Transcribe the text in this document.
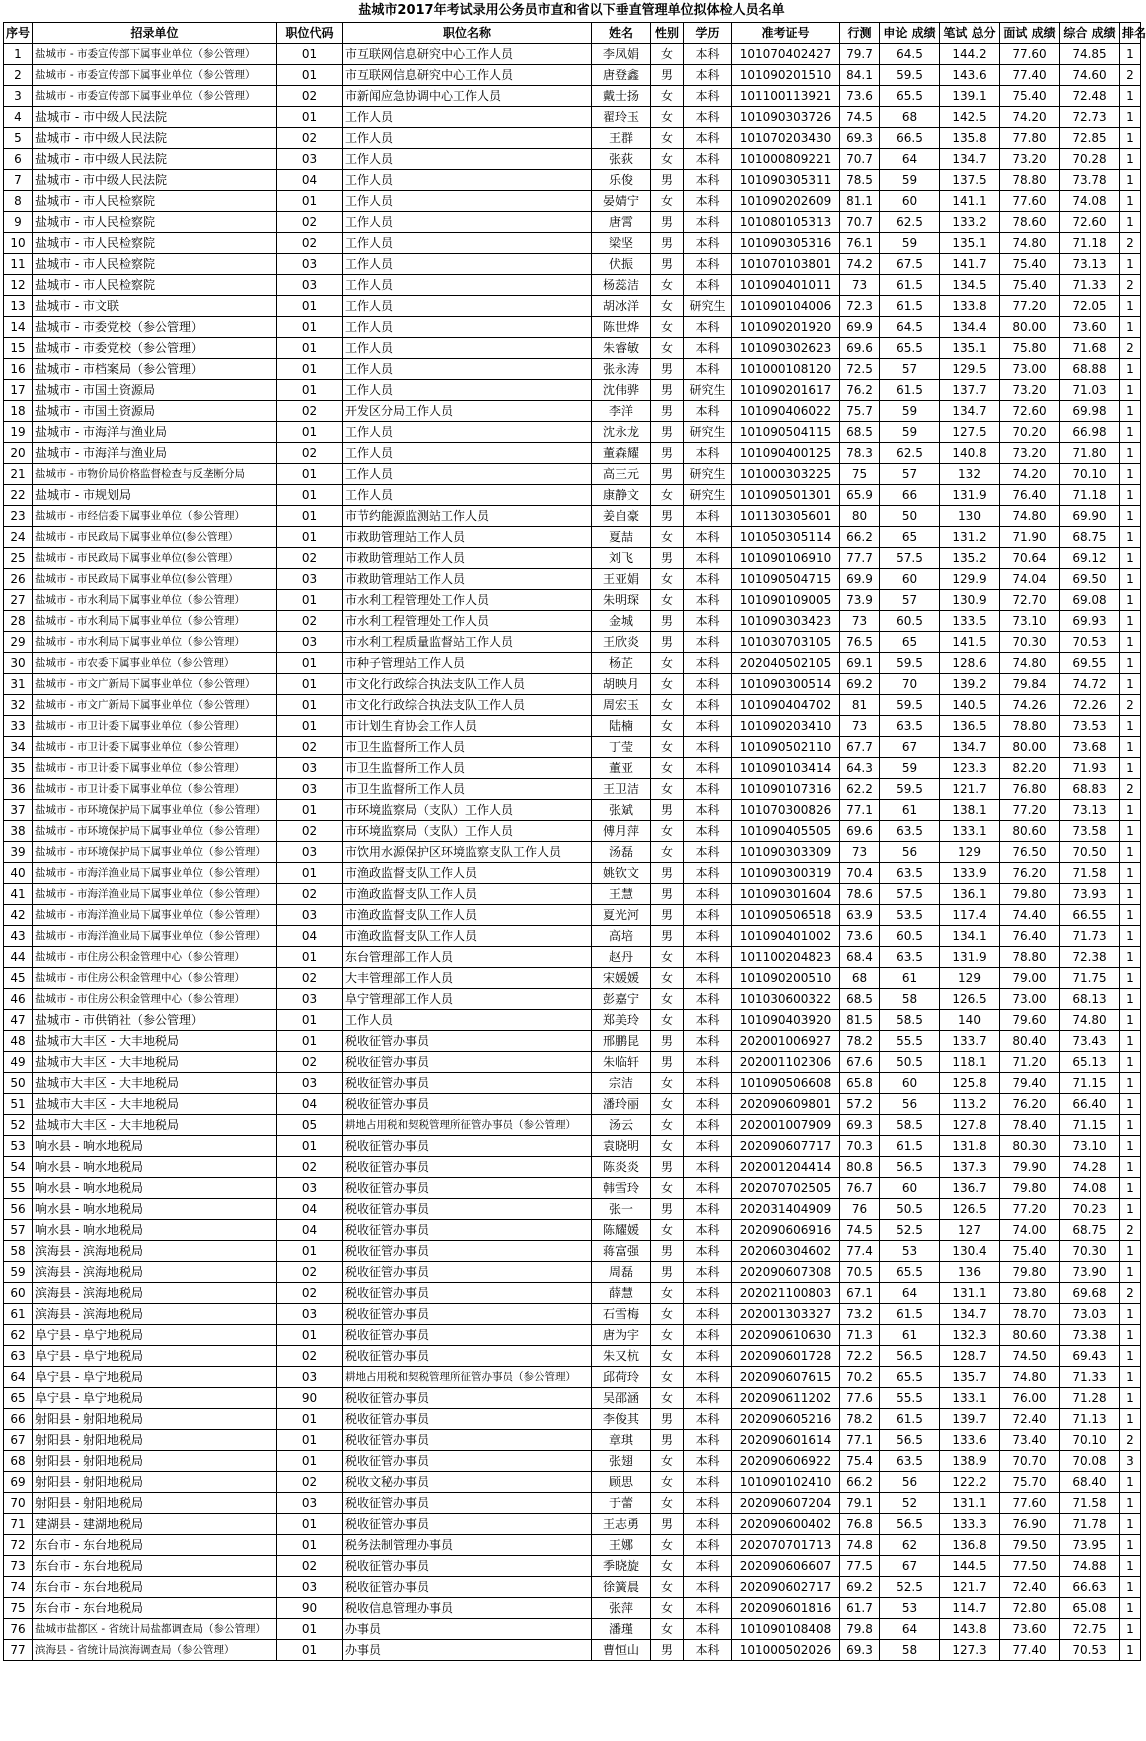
盐城市2017年考试录用公务员市直和省以下垂直管理单位拟体检人员名单
序号	招录单位	职位代码	职位名称	姓名	性别	学历	准考证号	行测	申论 成绩	笔试 总分	面试 成绩	综合 成绩	排名
1	盐城市 - 市委宣传部下属事业单位（参公管理）	01	市互联网信息研究中心工作人员	李凤娟	女	本科	101070402427	79.7	64.5	144.2	77.60	74.85	1
2	盐城市 - 市委宣传部下属事业单位（参公管理）	01	市互联网信息研究中心工作人员	唐登鑫	男	本科	101090201510	84.1	59.5	143.6	77.40	74.60	2
3	盐城市 - 市委宣传部下属事业单位（参公管理）	02	市新闻应急协调中心工作人员	戴士扬	女	本科	101100113921	73.6	65.5	139.1	75.40	72.48	1
4	盐城市 - 市中级人民法院	01	工作人员	翟玲玉	女	本科	101090303726	74.5	68	142.5	74.20	72.73	1
5	盐城市 - 市中级人民法院	02	工作人员	王群	女	本科	101070203430	69.3	66.5	135.8	77.80	72.85	1
6	盐城市 - 市中级人民法院	03	工作人员	张荻	女	本科	101000809221	70.7	64	134.7	73.20	70.28	1
7	盐城市 - 市中级人民法院	04	工作人员	乐俊	男	本科	101090305311	78.5	59	137.5	78.80	73.78	1
8	盐城市 - 市人民检察院	01	工作人员	晏婧宁	女	本科	101090202609	81.1	60	141.1	77.60	74.08	1
9	盐城市 - 市人民检察院	02	工作人员	唐霄	男	本科	101080105313	70.7	62.5	133.2	78.60	72.60	1
10	盐城市 - 市人民检察院	02	工作人员	梁坚	男	本科	101090305316	76.1	59	135.1	74.80	71.18	2
11	盐城市 - 市人民检察院	03	工作人员	伏振	男	本科	101070103801	74.2	67.5	141.7	75.40	73.13	1
12	盐城市 - 市人民检察院	03	工作人员	杨蕊洁	女	本科	101090401011	73	61.5	134.5	75.40	71.33	2
13	盐城市 - 市文联	01	工作人员	胡冰洋	女	研究生	101090104006	72.3	61.5	133.8	77.20	72.05	1
14	盐城市 - 市委党校（参公管理）	01	工作人员	陈世烨	女	本科	101090201920	69.9	64.5	134.4	80.00	73.60	1
15	盐城市 - 市委党校（参公管理）	01	工作人员	朱睿敏	女	本科	101090302623	69.6	65.5	135.1	75.80	71.68	2
16	盐城市 - 市档案局（参公管理）	01	工作人员	张永涛	男	本科	101000108120	72.5	57	129.5	73.00	68.88	1
17	盐城市 - 市国土资源局	01	工作人员	沈伟骅	男	研究生	101090201617	76.2	61.5	137.7	73.20	71.03	1
18	盐城市 - 市国土资源局	02	开发区分局工作人员	李洋	男	本科	101090406022	75.7	59	134.7	72.60	69.98	1
19	盐城市 - 市海洋与渔业局	01	工作人员	沈永龙	男	研究生	101090504115	68.5	59	127.5	70.20	66.98	1
20	盐城市 - 市海洋与渔业局	02	工作人员	董森耀	男	本科	101090400125	78.3	62.5	140.8	73.20	71.80	1
21	盐城市 - 市物价局价格监督检查与反垄断分局	01	工作人员	高三元	男	研究生	101000303225	75	57	132	74.20	70.10	1
22	盐城市 - 市规划局	01	工作人员	康静文	女	研究生	101090501301	65.9	66	131.9	76.40	71.18	1
23	盐城市 - 市经信委下属事业单位（参公管理）	01	市节约能源监测站工作人员	姜自豪	男	本科	101130305601	80	50	130	74.80	69.90	1
24	盐城市 - 市民政局下属事业单位(参公管理）	01	市救助管理站工作人员	夏喆	女	本科	101050305114	66.2	65	131.2	71.90	68.75	1
25	盐城市 - 市民政局下属事业单位(参公管理）	02	市救助管理站工作人员	刘飞	男	本科	101090106910	77.7	57.5	135.2	70.64	69.12	1
26	盐城市 - 市民政局下属事业单位(参公管理）	03	市救助管理站工作人员	王亚娟	女	本科	101090504715	69.9	60	129.9	74.04	69.50	1
27	盐城市 - 市水利局下属事业单位（参公管理）	01	市水利工程管理处工作人员	朱明琛	女	本科	101090109005	73.9	57	130.9	72.70	69.08	1
28	盐城市 - 市水利局下属事业单位（参公管理）	02	市水利工程管理处工作人员	金城	男	本科	101090303423	73	60.5	133.5	73.10	69.93	1
29	盐城市 - 市水利局下属事业单位（参公管理）	03	市水利工程质量监督站工作人员	王欣炎	男	本科	101030703105	76.5	65	141.5	70.30	70.53	1
30	盐城市 - 市农委下属事业单位（参公管理）	01	市种子管理站工作人员	杨芷	女	本科	202040502105	69.1	59.5	128.6	74.80	69.55	1
31	盐城市 - 市文广新局下属事业单位（参公管理）	01	市文化行政综合执法支队工作人员	胡映月	女	本科	101090300514	69.2	70	139.2	79.84	74.72	1
32	盐城市 - 市文广新局下属事业单位（参公管理）	01	市文化行政综合执法支队工作人员	周宏玉	女	本科	101090404702	81	59.5	140.5	74.26	72.26	2
33	盐城市 - 市卫计委下属事业单位（参公管理）	01	市计划生育协会工作人员	陆楠	女	本科	101090203410	73	63.5	136.5	78.80	73.53	1
34	盐城市 - 市卫计委下属事业单位（参公管理）	02	市卫生监督所工作人员	丁莹	女	本科	101090502110	67.7	67	134.7	80.00	73.68	1
35	盐城市 - 市卫计委下属事业单位（参公管理）	03	市卫生监督所工作人员	董亚	女	本科	101090103414	64.3	59	123.3	82.20	71.93	1
36	盐城市 - 市卫计委下属事业单位（参公管理）	03	市卫生监督所工作人员	王卫洁	女	本科	101090107316	62.2	59.5	121.7	76.80	68.83	2
37	盐城市 - 市环境保护局下属事业单位（参公管理）	01	市环境监察局（支队）工作人员	张斌	男	本科	101070300826	77.1	61	138.1	77.20	73.13	1
38	盐城市 - 市环境保护局下属事业单位（参公管理）	02	市环境监察局（支队）工作人员	傅月萍	女	本科	101090405505	69.6	63.5	133.1	80.60	73.58	1
39	盐城市 - 市环境保护局下属事业单位（参公管理）	03	市饮用水源保护区环境监察支队工作人员	汤磊	女	本科	101090303309	73	56	129	76.50	70.50	1
40	盐城市 - 市海洋渔业局下属事业单位（参公管理）	01	市渔政监督支队工作人员	姚钦文	男	本科	101090300319	70.4	63.5	133.9	76.20	71.58	1
41	盐城市 - 市海洋渔业局下属事业单位（参公管理）	02	市渔政监督支队工作人员	王慧	男	本科	101090301604	78.6	57.5	136.1	79.80	73.93	1
42	盐城市 - 市海洋渔业局下属事业单位（参公管理）	03	市渔政监督支队工作人员	夏光河	男	本科	101090506518	63.9	53.5	117.4	74.40	66.55	1
43	盐城市 - 市海洋渔业局下属事业单位（参公管理）	04	市渔政监督支队工作人员	高培	男	本科	101090401002	73.6	60.5	134.1	76.40	71.73	1
44	盐城市 - 市住房公积金管理中心（参公管理）	01	东台管理部工作人员	赵丹	女	本科	101100204823	68.4	63.5	131.9	78.80	72.38	1
45	盐城市 - 市住房公积金管理中心（参公管理）	02	大丰管理部工作人员	宋媛媛	女	本科	101090200510	68	61	129	79.00	71.75	1
46	盐城市 - 市住房公积金管理中心（参公管理）	03	阜宁管理部工作人员	彭嘉宁	女	本科	101030600322	68.5	58	126.5	73.00	68.13	1
47	盐城市 - 市供销社（参公管理）	01	工作人员	郑美玲	女	本科	101090403920	81.5	58.5	140	79.60	74.80	1
48	盐城市大丰区 - 大丰地税局	01	税收征管办事员	邢鹏昆	男	本科	202001006927	78.2	55.5	133.7	80.40	73.43	1
49	盐城市大丰区 - 大丰地税局	02	税收征管办事员	朱临轩	男	本科	202001102306	67.6	50.5	118.1	71.20	65.13	1
50	盐城市大丰区 - 大丰地税局	03	税收征管办事员	宗洁	女	本科	101090506608	65.8	60	125.8	79.40	71.15	1
51	盐城市大丰区 - 大丰地税局	04	税收征管办事员	潘玲丽	女	本科	202090609801	57.2	56	113.2	76.20	66.40	1
52	盐城市大丰区 - 大丰地税局	05	耕地占用税和契税管理所征管办事员（参公管理）	汤云	女	本科	202001007909	69.3	58.5	127.8	78.40	71.15	1
53	响水县 - 响水地税局	01	税收征管办事员	袁晓明	女	本科	202090607717	70.3	61.5	131.8	80.30	73.10	1
54	响水县 - 响水地税局	02	税收征管办事员	陈炎炎	男	本科	202001204414	80.8	56.5	137.3	79.90	74.28	1
55	响水县 - 响水地税局	03	税收征管办事员	韩雪玲	女	本科	202070702505	76.7	60	136.7	79.80	74.08	1
56	响水县 - 响水地税局	04	税收征管办事员	张一	男	本科	202031404909	76	50.5	126.5	77.20	70.23	1
57	响水县 - 响水地税局	04	税收征管办事员	陈耀媛	女	本科	202090606916	74.5	52.5	127	74.00	68.75	2
58	滨海县 - 滨海地税局	01	税收征管办事员	蒋富强	男	本科	202060304602	77.4	53	130.4	75.40	70.30	1
59	滨海县 - 滨海地税局	02	税收征管办事员	周磊	男	本科	202090607308	70.5	65.5	136	79.80	73.90	1
60	滨海县 - 滨海地税局	02	税收征管办事员	薛慧	女	本科	202021100803	67.1	64	131.1	73.80	69.68	2
61	滨海县 - 滨海地税局	03	税收征管办事员	石雪梅	女	本科	202001303327	73.2	61.5	134.7	78.70	73.03	1
62	阜宁县 - 阜宁地税局	01	税收征管办事员	唐为宇	女	本科	202090610630	71.3	61	132.3	80.60	73.38	1
63	阜宁县 - 阜宁地税局	02	税收征管办事员	朱又杭	女	本科	202090601728	72.2	56.5	128.7	74.50	69.43	1
64	阜宁县 - 阜宁地税局	03	耕地占用税和契税管理所征管办事员（参公管理）	邱荷玲	女	本科	202090607615	70.2	65.5	135.7	74.80	71.33	1
65	阜宁县 - 阜宁地税局	90	税收征管办事员	吴邵涵	女	本科	202090611202	77.6	55.5	133.1	76.00	71.28	1
66	射阳县 - 射阳地税局	01	税收征管办事员	李俊其	男	本科	202090605216	78.2	61.5	139.7	72.40	71.13	1
67	射阳县 - 射阳地税局	01	税收征管办事员	章琪	男	本科	202090601614	77.1	56.5	133.6	73.40	70.10	2
68	射阳县 - 射阳地税局	01	税收征管办事员	张翅	女	本科	202090606922	75.4	63.5	138.9	70.70	70.08	3
69	射阳县 - 射阳地税局	02	税收文秘办事员	顾思	女	本科	101090102410	66.2	56	122.2	75.70	68.40	1
70	射阳县 - 射阳地税局	03	税收征管办事员	于蕾	女	本科	202090607204	79.1	52	131.1	77.60	71.58	1
71	建湖县 - 建湖地税局	01	税收征管办事员	王志勇	男	本科	202090600402	76.8	56.5	133.3	76.90	71.78	1
72	东台市 - 东台地税局	01	税务法制管理办事员	王娜	女	本科	202070701713	74.8	62	136.8	79.50	73.95	1
73	东台市 - 东台地税局	02	税收征管办事员	季晓旋	女	本科	202090606607	77.5	67	144.5	77.50	74.88	1
74	东台市 - 东台地税局	03	税收征管办事员	徐簧晨	女	本科	202090602717	69.2	52.5	121.7	72.40	66.63	1
75	东台市 - 东台地税局	90	税收信息管理办事员	张萍	女	本科	202090601816	61.7	53	114.7	72.80	65.08	1
76	盐城市盐都区 - 省统计局盐都调查局（参公管理）	01	办事员	潘瑾	女	本科	101090108408	79.8	64	143.8	73.60	72.75	1
77	滨海县 - 省统计局滨海调查局（参公管理）	01	办事员	曹恒山	男	本科	101000502026	69.3	58	127.3	77.40	70.53	1
